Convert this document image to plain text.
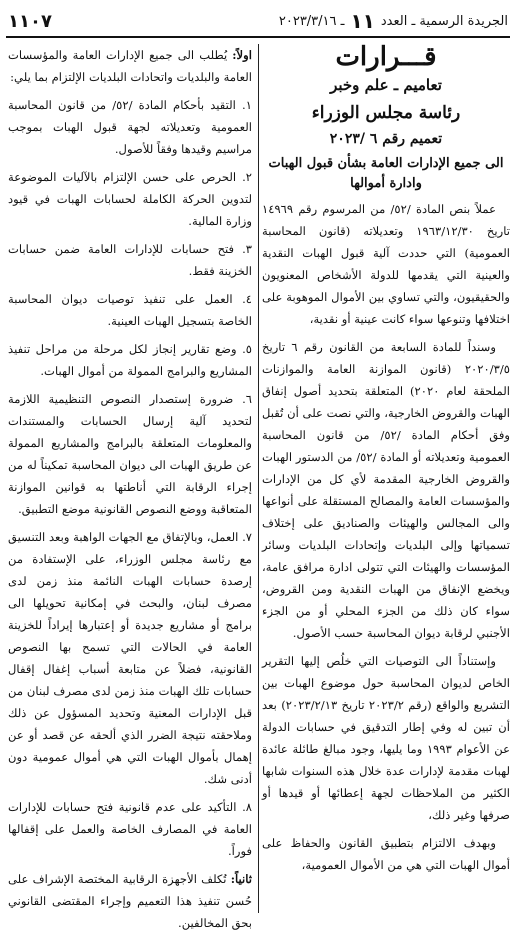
الجريدة الرسمية ـ العدد
١١
ـ ٢٠٢٣/٣/١٦
١١٠٧
قـــرارات
تعاميم ـ علم وخبر
رئاسة مجلس الوزراء
تعميم رقم ٦ /٢٠٢٣
الى جميع الإدارات العامة بشأن قبول الهبات وادارة أموالها

عملاً بنص المادة /٥٢/ من المرسوم رقم ١٤٩٦٩ تاريخ ١٩٦٣/١٢/٣٠ وتعديلاته (قانون المحاسبة العمومية) التي حددت آلية قبول الهبات النقدية والعينية التي يقدمها للدولة الأشخاص المعنويون والحقيقيون، والتي تساوي بين الأموال الموهوبة على اختلافها وتنوعها سواء كانت عينية أو نقدية،

وسنداً للمادة السابعة من القانون رقم ٦ تاريخ ٢٠٢٠/٣/٥ (قانون الموازنة العامة والموازنات الملحقة لعام ٢٠٢٠) المتعلقة بتحديد أصول إنفاق الهبات والقروض الخارجية، والتي نصت على أن تُقبل وفق أحكام المادة /٥٢/ من قانون المحاسبة العمومية وتعديلاته أو المادة /٥٢/ من الدستور الهبات والقروض الخارجية المقدمة لأي كل من الإدارات والمؤسسات العامة والمصالح المستقلة على أنواعها والى المجالس والهيئات والصناديق على إختلاف تسمياتها وإلى البلديات وإتحادات البلديات وسائر المؤسسات والهيئات التي تتولى ادارة مرافق عامة، ويخضع الإنفاق من الهبات النقدية ومن القروض، سواء كان ذلك من الجزء المحلي أو من الجزء الأجنبي لرقابة ديوان المحاسبة حسب الأصول.

وإستناداً الى التوصيات التي خلُص إليها التقرير الخاص لديوان المحاسبة حول موضوع الهبات بين التشريع والواقع (رقم ٢٠٢٣/٢ تاريخ ٢٠٢٣/٢/١٣) بعد أن تبين له وفي إطار التدقيق في حسابات الدولة عن الأعوام ١٩٩٣ وما يليها، وجود مبالغ طائلة عائدة لهبات مقدمة لإدارات عدة خلال هذه السنوات شابها الكثير من الملاحظات لجهة إعطائها أو قيدها أو صرفها وغير ذلك،

وبهدف الالتزام بتطبيق القانون والحفاظ على أموال الهبات التي هي من الأموال العمومية،

اولاً: يُطلب الى جميع الإدارات العامة والمؤسسات العامة والبلديات واتحادات البلديات الإلتزام بما يلي:
١. التقيد بأحكام المادة /٥٢/ من قانون المحاسبة العمومية وتعديلاته لجهة قبول الهبات بموجب مراسيم وقيدها وفقاً للأصول.
٢. الحرص على حسن الإلتزام بالآليات الموضوعة لتدوين الحركة الكاملة لحسابات الهبات في قيود وزارة المالية.
٣. فتح حسابات للإدارات العامة ضمن حسابات الخزينة فقط.
٤. العمل على تنفيذ توصيات ديوان المحاسبة الخاصة بتسجيل الهبات العينية.
٥. وضع تقارير إنجاز لكل مرحلة من مراحل تنفيذ المشاريع والبرامج الممولة من أموال الهبات.
٦. ضرورة إستصدار النصوص التنظيمية اللازمة لتحديد آلية إرسال الحسابات والمستندات والمعلومات المتعلقة بالبرامج والمشاريع الممولة عن طريق الهبات الى ديوان المحاسبة تمكيناً له من إجراء الرقابة التي أناطتها به قوانين الموازنة المتعاقبة ووضع النصوص القانونية موضع التطبيق.
٧. العمل، وبالإتفاق مع الجهات الواهبة وبعد التنسيق مع رئاسة مجلس الوزراء، على الإستفادة من إرصدة حسابات الهبات النائمة منذ زمن لدى مصرف لبنان، والبحث في إمكانية تحويلها الى برامج أو مشاريع جديدة أو إعتبارها إيراداً للخزينة العامة في الحالات التي تسمح بها النصوص القانونية، فضلاً عن متابعة أسباب إغفال إقفال حسابات تلك الهبات منذ زمن لدى مصرف لبنان من قبل الإدارات المعنية وتحديد المسؤول عن ذلك وملاحقته نتيجة الضرر الذي ألحقه عن قصد أو عن إهمال بأموال الهبات التي هي أموال عمومية دون أدنى شك.
٨. التأكيد على عدم قانونية فتح حسابات للإدارات العامة في المصارف الخاصة والعمل على إقفالها فوراً.
ثانياً: تُكلف الأجهزة الرقابية المختصة الإشراف على حُسن تنفيذ هذا التعميم وإجراء المقتضى القانوني بحق المخالفين.
